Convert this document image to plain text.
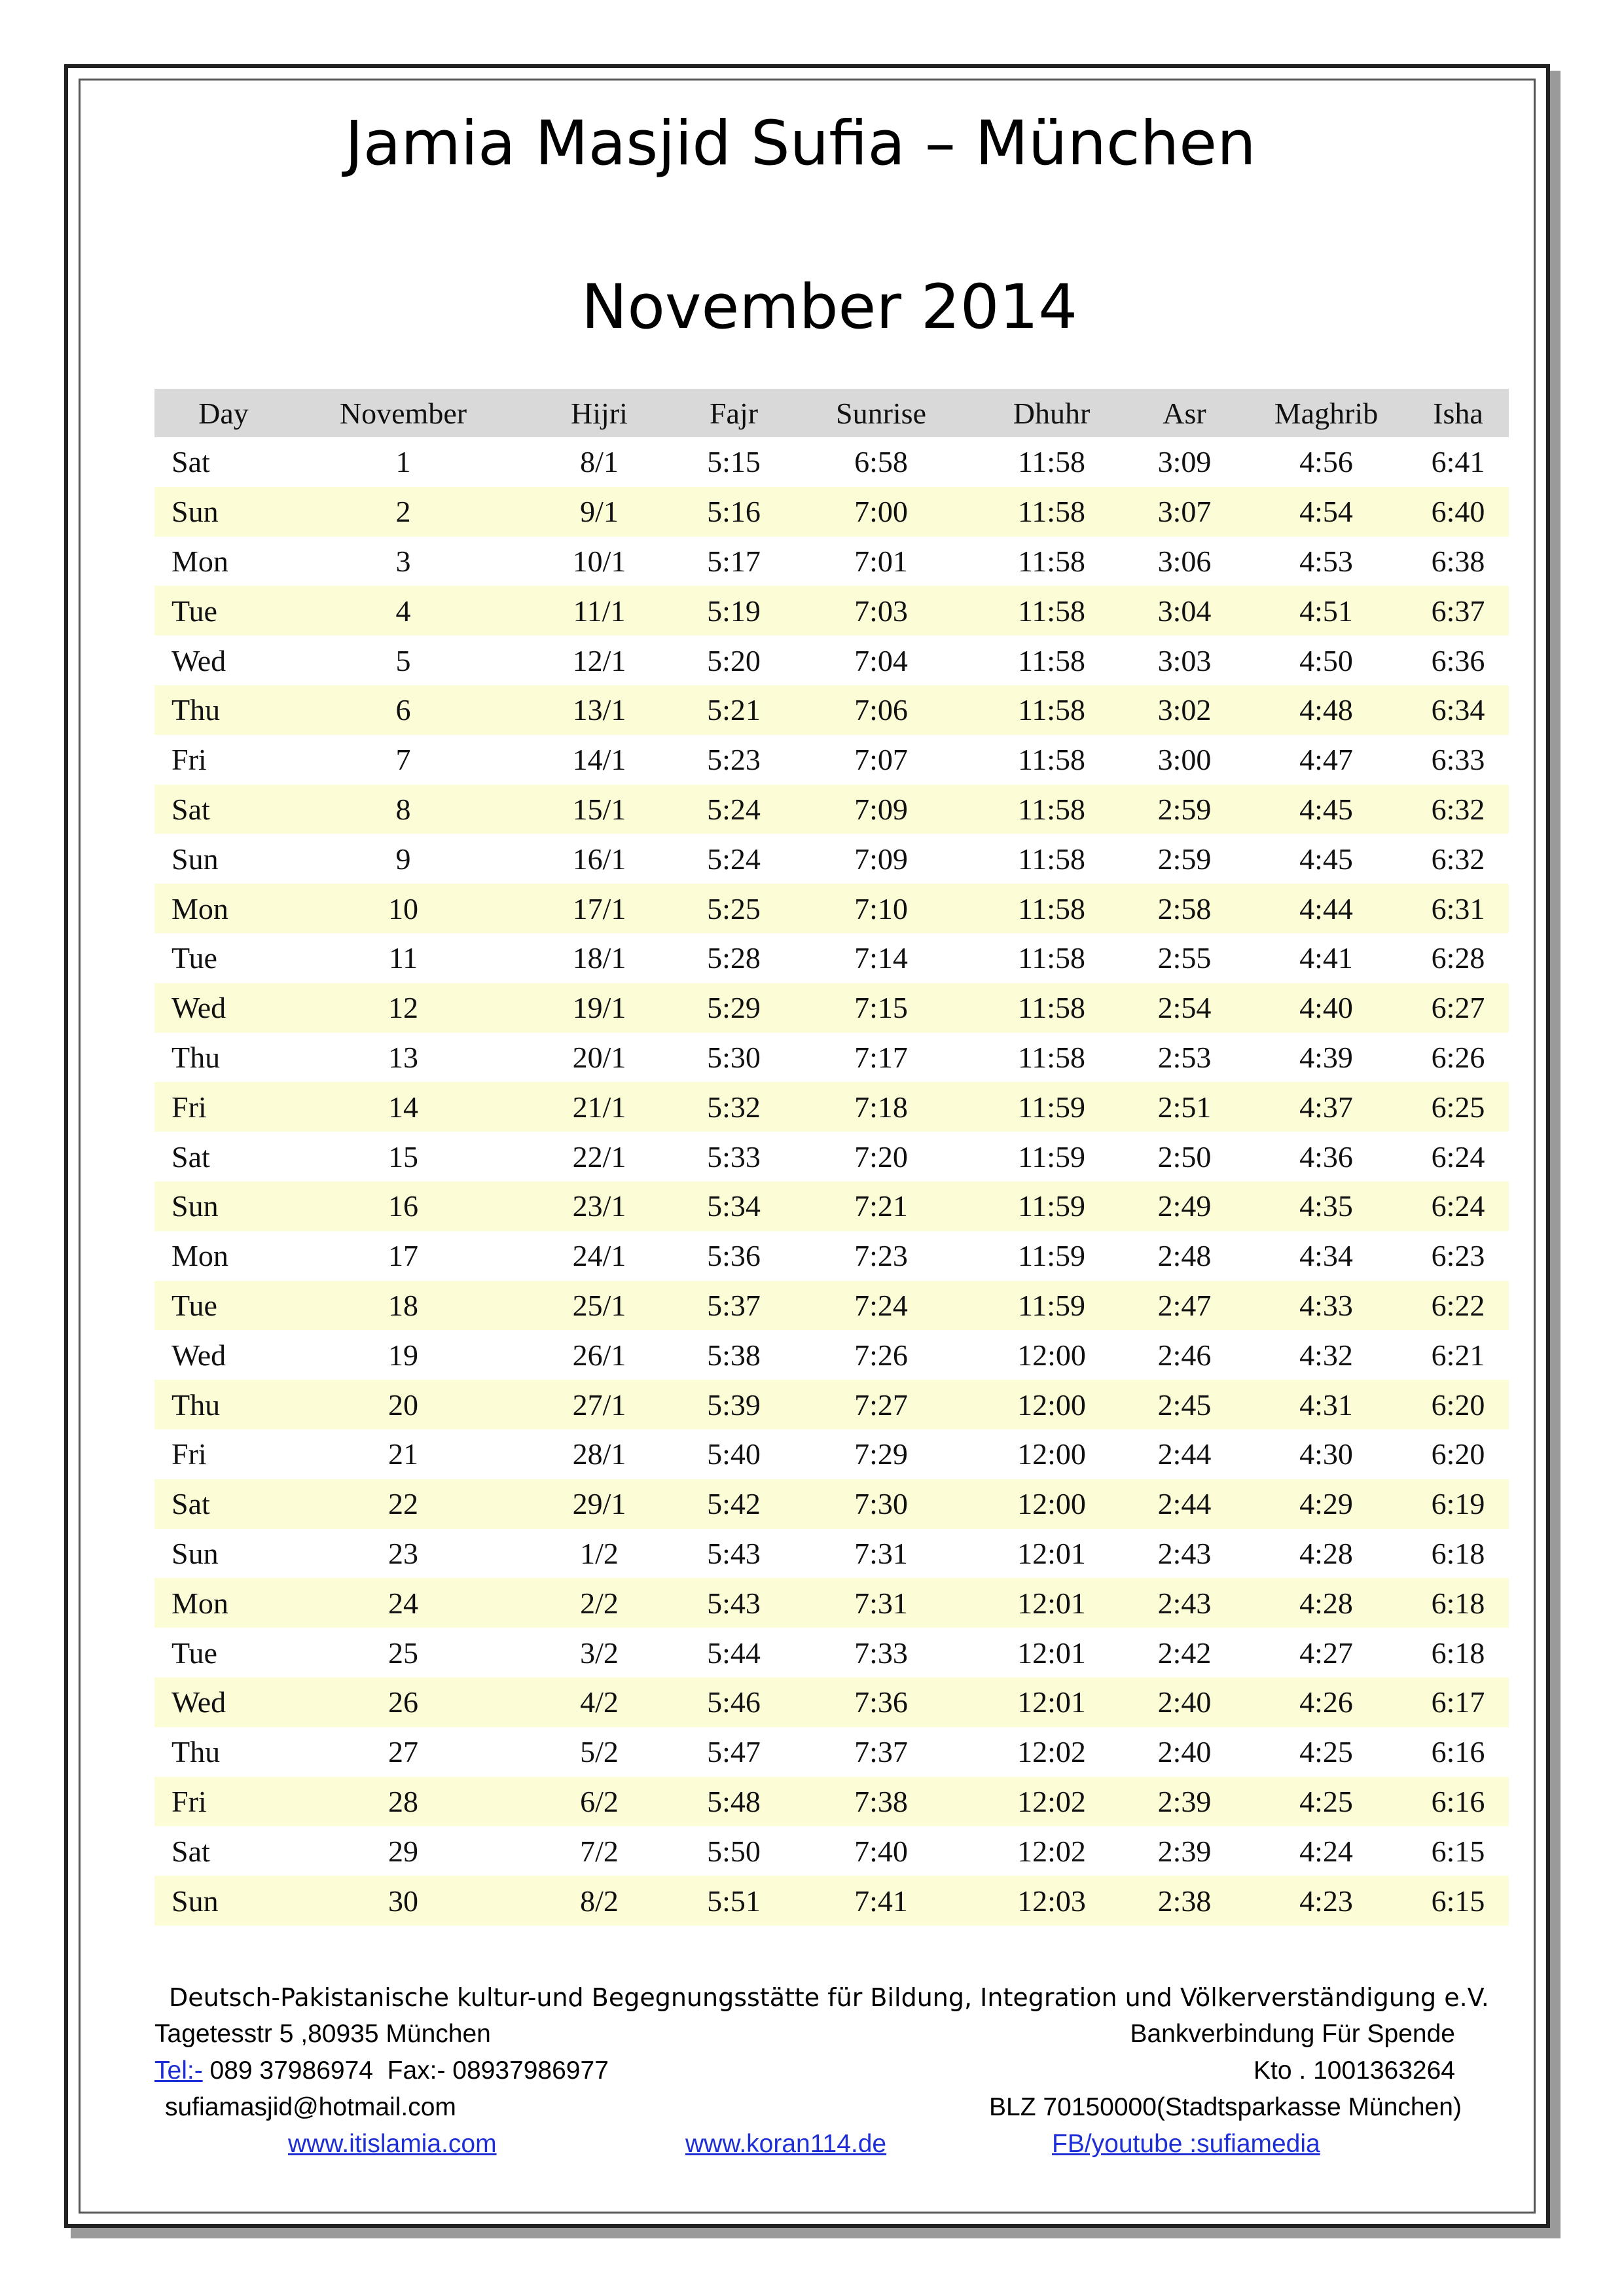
Jamia Masjid Sufia – München
November 2014
Day	November	Hijri	Fajr	Sunrise	Dhuhr	Asr	Maghrib	Isha
Sat	1	8/1	5:15	6:58	11:58	3:09	4:56	6:41
Sun	2	9/1	5:16	7:00	11:58	3:07	4:54	6:40
Mon	3	10/1	5:17	7:01	11:58	3:06	4:53	6:38
Tue	4	11/1	5:19	7:03	11:58	3:04	4:51	6:37
Wed	5	12/1	5:20	7:04	11:58	3:03	4:50	6:36
Thu	6	13/1	5:21	7:06	11:58	3:02	4:48	6:34
Fri	7	14/1	5:23	7:07	11:58	3:00	4:47	6:33
Sat	8	15/1	5:24	7:09	11:58	2:59	4:45	6:32
Sun	9	16/1	5:24	7:09	11:58	2:59	4:45	6:32
Mon	10	17/1	5:25	7:10	11:58	2:58	4:44	6:31
Tue	11	18/1	5:28	7:14	11:58	2:55	4:41	6:28
Wed	12	19/1	5:29	7:15	11:58	2:54	4:40	6:27
Thu	13	20/1	5:30	7:17	11:58	2:53	4:39	6:26
Fri	14	21/1	5:32	7:18	11:59	2:51	4:37	6:25
Sat	15	22/1	5:33	7:20	11:59	2:50	4:36	6:24
Sun	16	23/1	5:34	7:21	11:59	2:49	4:35	6:24
Mon	17	24/1	5:36	7:23	11:59	2:48	4:34	6:23
Tue	18	25/1	5:37	7:24	11:59	2:47	4:33	6:22
Wed	19	26/1	5:38	7:26	12:00	2:46	4:32	6:21
Thu	20	27/1	5:39	7:27	12:00	2:45	4:31	6:20
Fri	21	28/1	5:40	7:29	12:00	2:44	4:30	6:20
Sat	22	29/1	5:42	7:30	12:00	2:44	4:29	6:19
Sun	23	1/2	5:43	7:31	12:01	2:43	4:28	6:18
Mon	24	2/2	5:43	7:31	12:01	2:43	4:28	6:18
Tue	25	3/2	5:44	7:33	12:01	2:42	4:27	6:18
Wed	26	4/2	5:46	7:36	12:01	2:40	4:26	6:17
Thu	27	5/2	5:47	7:37	12:02	2:40	4:25	6:16
Fri	28	6/2	5:48	7:38	12:02	2:39	4:25	6:16
Sat	29	7/2	5:50	7:40	12:02	2:39	4:24	6:15
Sun	30	8/2	5:51	7:41	12:03	2:38	4:23	6:15
Deutsch-Pakistanische kultur-und Begegnungsstätte für Bildung, Integration und Völkerverständigung e.V.
Tagetesstr 5 ,80935 München	Bankverbindung Für Spende
Tel:- 089 37986974  Fax:- 08937986977	Kto . 1001363264
sufiamasjid@hotmail.com	BLZ 70150000(Stadtsparkasse München)
www.itislamia.com	www.koran114.de	FB/youtube :sufiamedia
